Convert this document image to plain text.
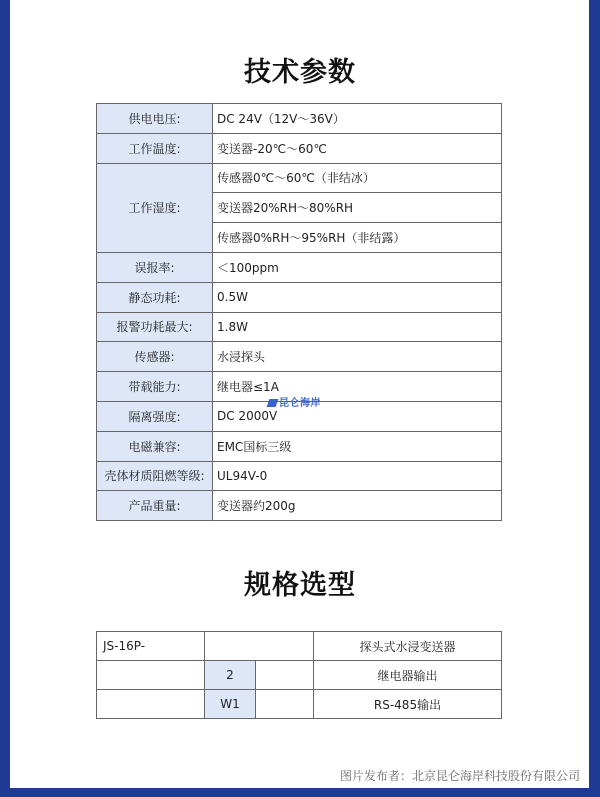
技术参数
供电电压:	DC 24V（12V～36V）
工作温度:	变送器-20℃～60℃
工作湿度:	传感器0℃～60℃（非结冰）
	变送器20%RH～80%RH
	传感器0%RH～95%RH（非结露）
误报率:	＜100ppm
静态功耗:	0.5W
报警功耗最大:	1.8W
传感器:	水浸探头
带载能力:	继电器≤1A
隔离强度:	DC 2000V
电磁兼容:	EMC国标三级
壳体材质阻燃等级:	UL94V-0
产品重量:	变送器约200g
昆仑海岸
规格选型
JS-16P-			探头式水浸变送器
	2		继电器输出
	W1		RS-485输出
图片发布者：北京昆仑海岸科技股份有限公司
